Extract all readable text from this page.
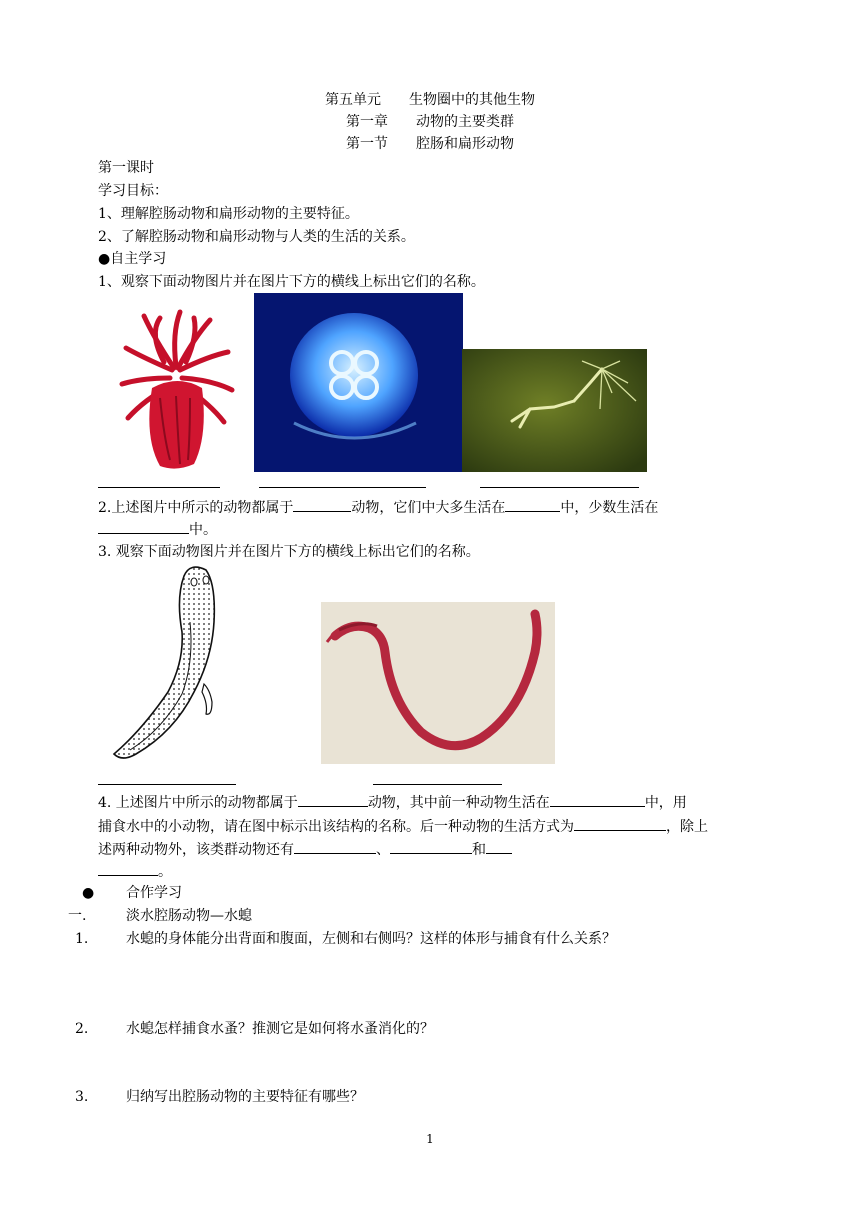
第五单元　　生物圈中的其他生物
第一章　　动物的主要类群
第一节　　腔肠和扁形动物
第一课时
学习目标：
1、理解腔肠动物和扁形动物的主要特征。
2、了解腔肠动物和扁形动物与人类的生活的关系。
●自主学习
1、观察下面动物图片并在图片下方的横线上标出它们的名称。
2.上述图片中所示的动物都属于	动物，它们中大多生活在	中，少数生活在
中。
3. 观察下面动物图片并在图片下方的横线上标出它们的名称。
4. 上述图片中所示的动物都属于	动物，其中前一种动物生活在	中，用
捕食水中的小动物，请在图中标示出该结构的名称。后一种动物的生活方式为	，除上
述两种动物外，该类群动物还有	、	和
。
● 合作学习
一.	淡水腔肠动物—水螅
1.	水螅的身体能分出背面和腹面，左侧和右侧吗？这样的体形与捕食有什么关系？
2.	水螅怎样捕食水蚤？推测它是如何将水蚤消化的？
3.	归纳写出腔肠动物的主要特征有哪些？
1
